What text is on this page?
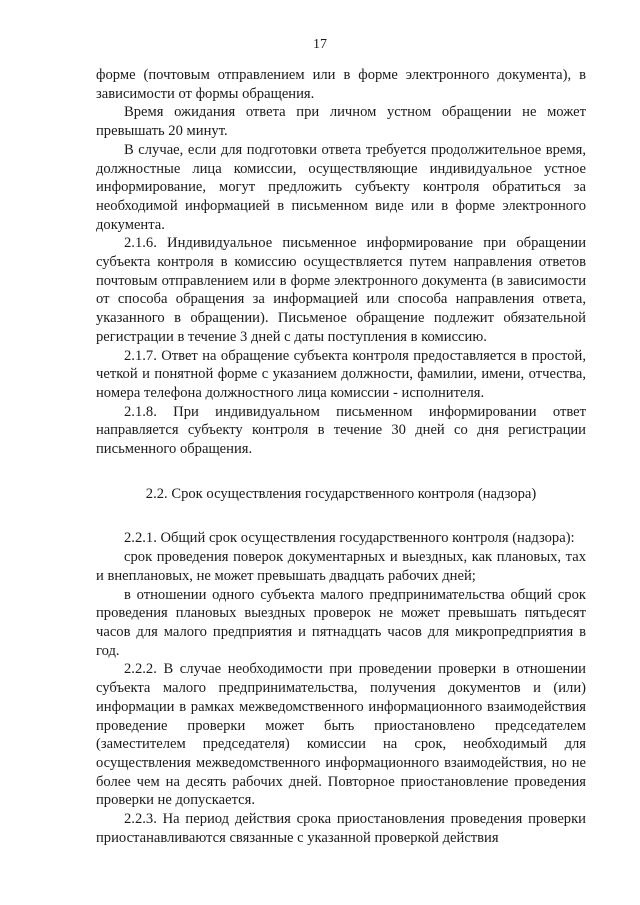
17

форме (почтовым отправлением или в форме электронного документа), в зависимости от формы обращения.

Время ожидания ответа при личном устном обращении не может превышать 20 минут.

В случае, если для подготовки ответа требуется продолжительное время, должностные лица комиссии, осуществляющие индивидуальное устное информирование, могут предложить субъекту контроля обратиться за необходимой информацией в письменном виде или в форме электронного документа.

2.1.6. Индивидуальное письменное информирование при обращении субъекта контроля в комиссию осуществляется путем направления ответов почтовым отправлением или в форме электронного документа (в зависимости от способа обращения за информацией или способа направления ответа, указанного в обращении). Письменое обращение подлежит обязательной регистрации в течение 3 дней с даты поступления в комиссию.

2.1.7. Ответ на обращение субъекта контроля предоставляется в простой, четкой и понятной форме с указанием должности, фамилии, имени, отчества, номера телефона должностного лица комиссии - исполнителя.

2.1.8. При индивидуальном письменном информировании ответ направляется субъекту контроля в течение 30 дней со дня регистрации письменного обращения.

2.2. Срок осуществления государственного контроля (надзора)

2.2.1. Общий срок осуществления государственного контроля (надзора):

срок проведения поверок документарных и выездных, как плановых, тах и внеплановых, не может превышать двадцать рабочих дней;

в отношении одного субъекта малого предпринимательства общий срок проведения плановых выездных проверок не может превышать пятьдесят часов для малого предприятия и пятнадцать часов для микропредприятия в год.

2.2.2. В случае необходимости при проведении проверки в отношении субъекта малого предпринимательства, получения документов и (или) информации в рамках межведомственного информационного взаимодействия проведение проверки может быть приостановлено председателем (заместителем председателя) комиссии на срок, необходимый для осуществления межведомственного информационного взаимодействия, но не более чем на десять рабочих дней. Повторное приостановление проведения проверки не допускается.

2.2.3. На период действия срока приостановления проведения проверки приостанавливаются связанные с указанной проверкой действия
